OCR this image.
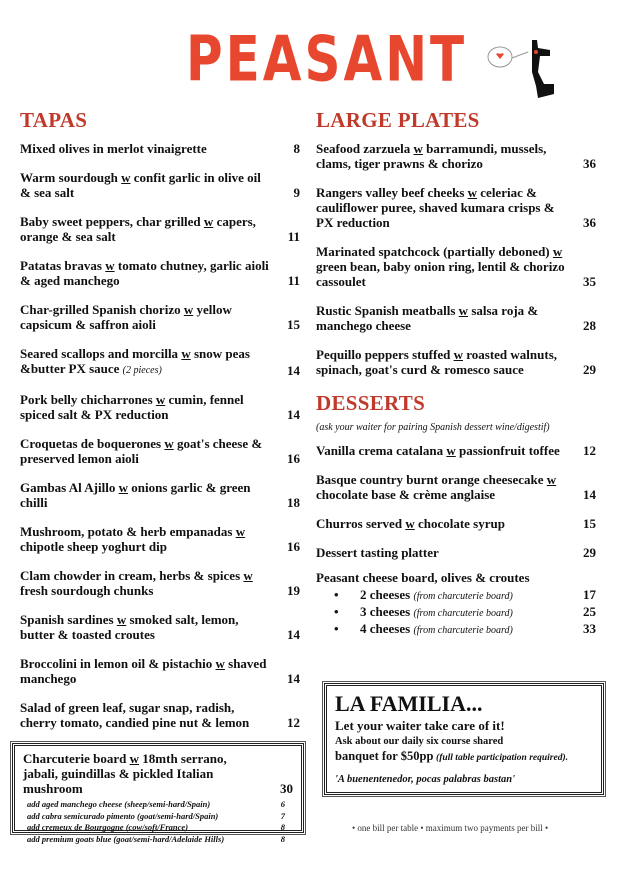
PEASANT
TAPAS
Mixed olives in merlot vinaigrette	8
Warm sourdough w confit garlic in olive oil & sea salt	9
Baby sweet peppers, char grilled w capers, orange & sea salt	11
Patatas bravas w tomato chutney, garlic aioli & aged manchego	11
Char-grilled Spanish chorizo w yellow capsicum & saffron aioli	15
Seared scallops and morcilla w snow peas &butter PX sauce (2 pieces)	14
Pork belly chicharrones w cumin, fennel spiced salt & PX reduction	14
Croquetas de boquerones w goat's cheese & preserved lemon aioli	16
Gambas Al Ajillo w onions garlic & green chilli	18
Mushroom, potato & herb empanadas w chipotle sheep yoghurt dip	16
Clam chowder in cream, herbs & spices w fresh sourdough chunks	19
Spanish sardines w smoked salt, lemon, butter & toasted croutes	14
Broccolini in lemon oil & pistachio w shaved manchego	14
Salad of green leaf, sugar snap, radish, cherry tomato, candied pine nut & lemon	12
Charcuterie board w 18mth serrano, jabali, guindillas & pickled Italian mushroom	30
add aged manchego cheese (sheep/semi-hard/Spain)	6
add cabra semicurado pimento (goat/semi-hard/Spain)	7
add cremeux de Bourgogne (cow/soft/France)	8
add premium goats blue (goat/semi-hard/Adelaide Hills)	8
LARGE PLATES
Seafood zarzuela w barramundi, mussels, clams, tiger prawns & chorizo	36
Rangers valley beef cheeks w celeriac & cauliflower puree, shaved kumara crisps & PX reduction	36
Marinated spatchcock (partially deboned) w green bean, baby onion ring, lentil & chorizo cassoulet	35
Rustic Spanish meatballs w salsa roja & manchego cheese	28
Pequillo peppers stuffed w roasted walnuts, spinach, goat's curd & romesco sauce	29
DESSERTS
(ask your waiter for pairing Spanish dessert wine/digestif)
Vanilla crema catalana w passionfruit toffee	12
Basque country burnt orange cheesecake w chocolate base & crème anglaise	14
Churros served w chocolate syrup	15
Dessert tasting platter	29
Peasant cheese board, olives & croutes
•	2 cheeses (from charcuterie board)	17
•	3 cheeses (from charcuterie board)	25
•	4 cheeses (from charcuterie board)	33
LA FAMILIA...
Let your waiter take care of it!
Ask about our daily six course shared
banquet for $50pp (full table participation required).
'A buenentenedor, pocas palabras bastan'
• one bill per table • maximum two payments per bill •
